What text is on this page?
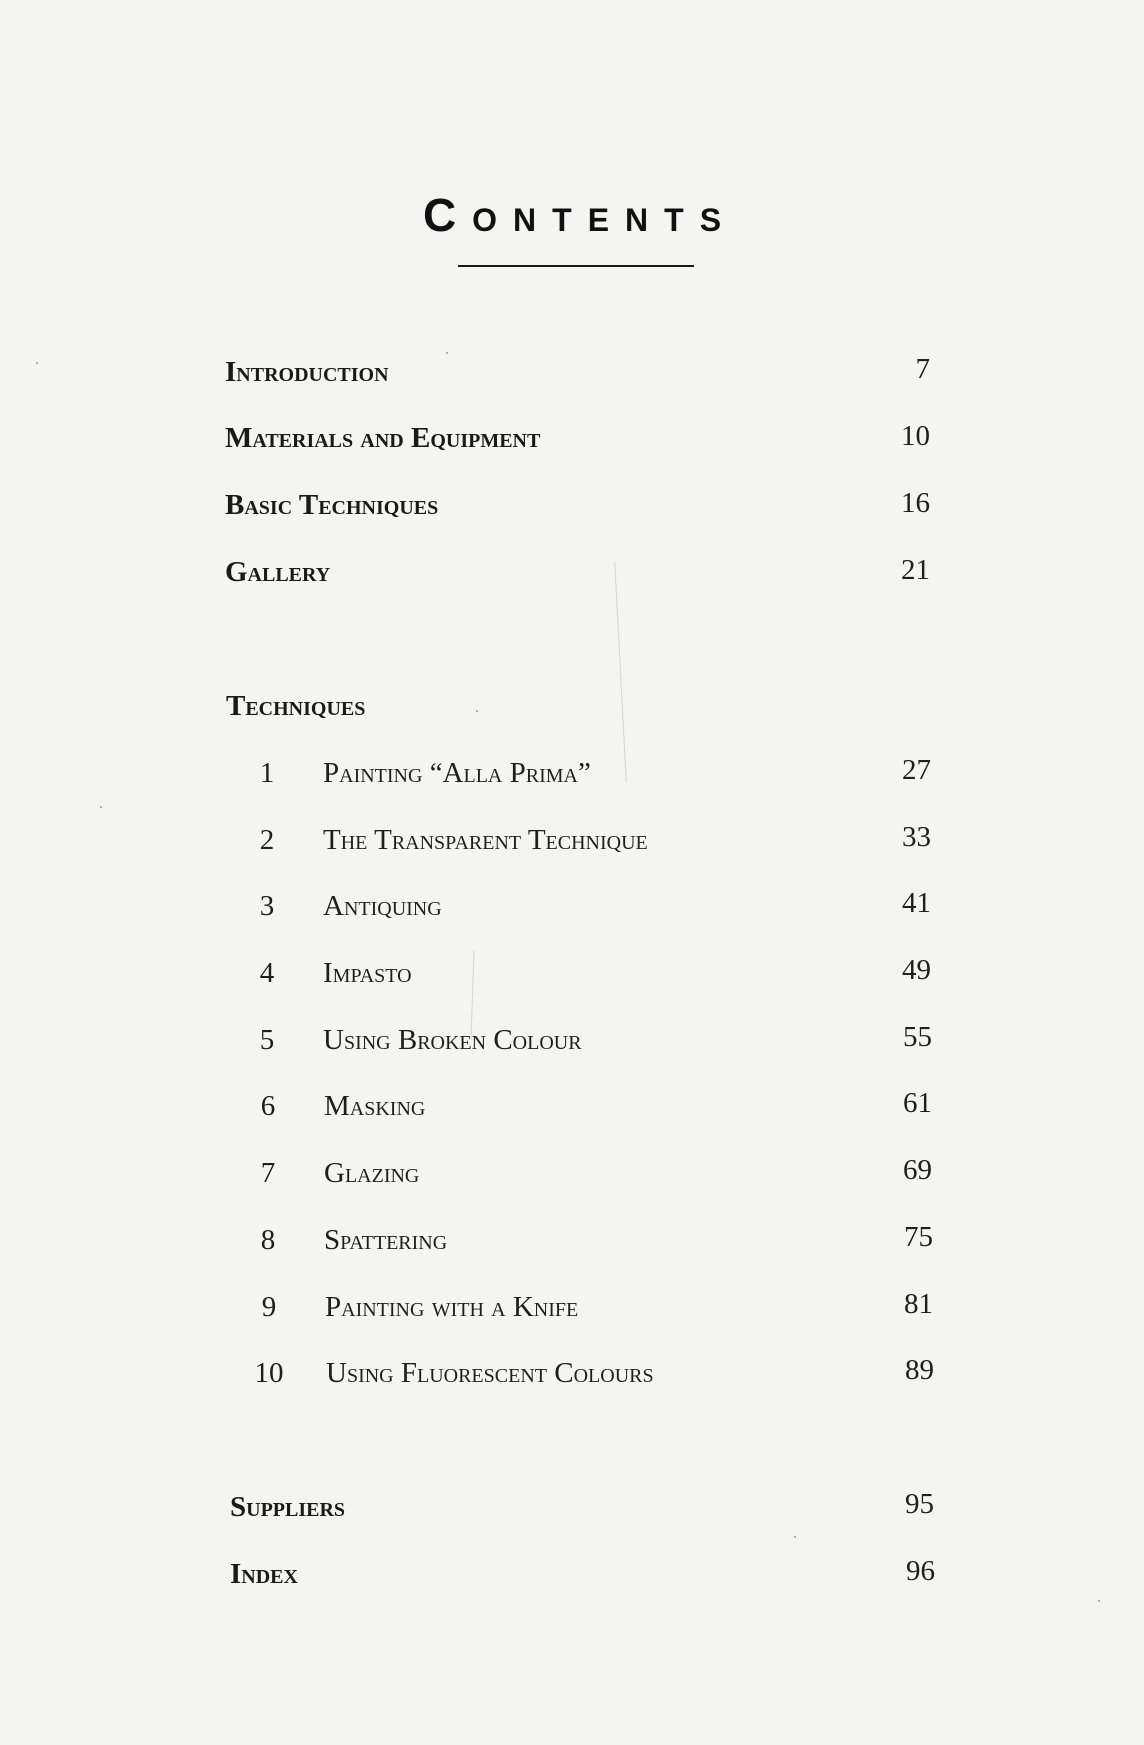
Contents
Introduction	7
Materials and Equipment	10
Basic Techniques	16
Gallery	21
Techniques
1	Painting “Alla Prima”	27
2	The Transparent Technique	33
3	Antiquing	41
4	Impasto	49
5	Using Broken Colour	55
6	Masking	61
7	Glazing	69
8	Spattering	75
9	Painting with a Knife	81
10	Using Fluorescent Colours	89
Suppliers	95
Index	96
